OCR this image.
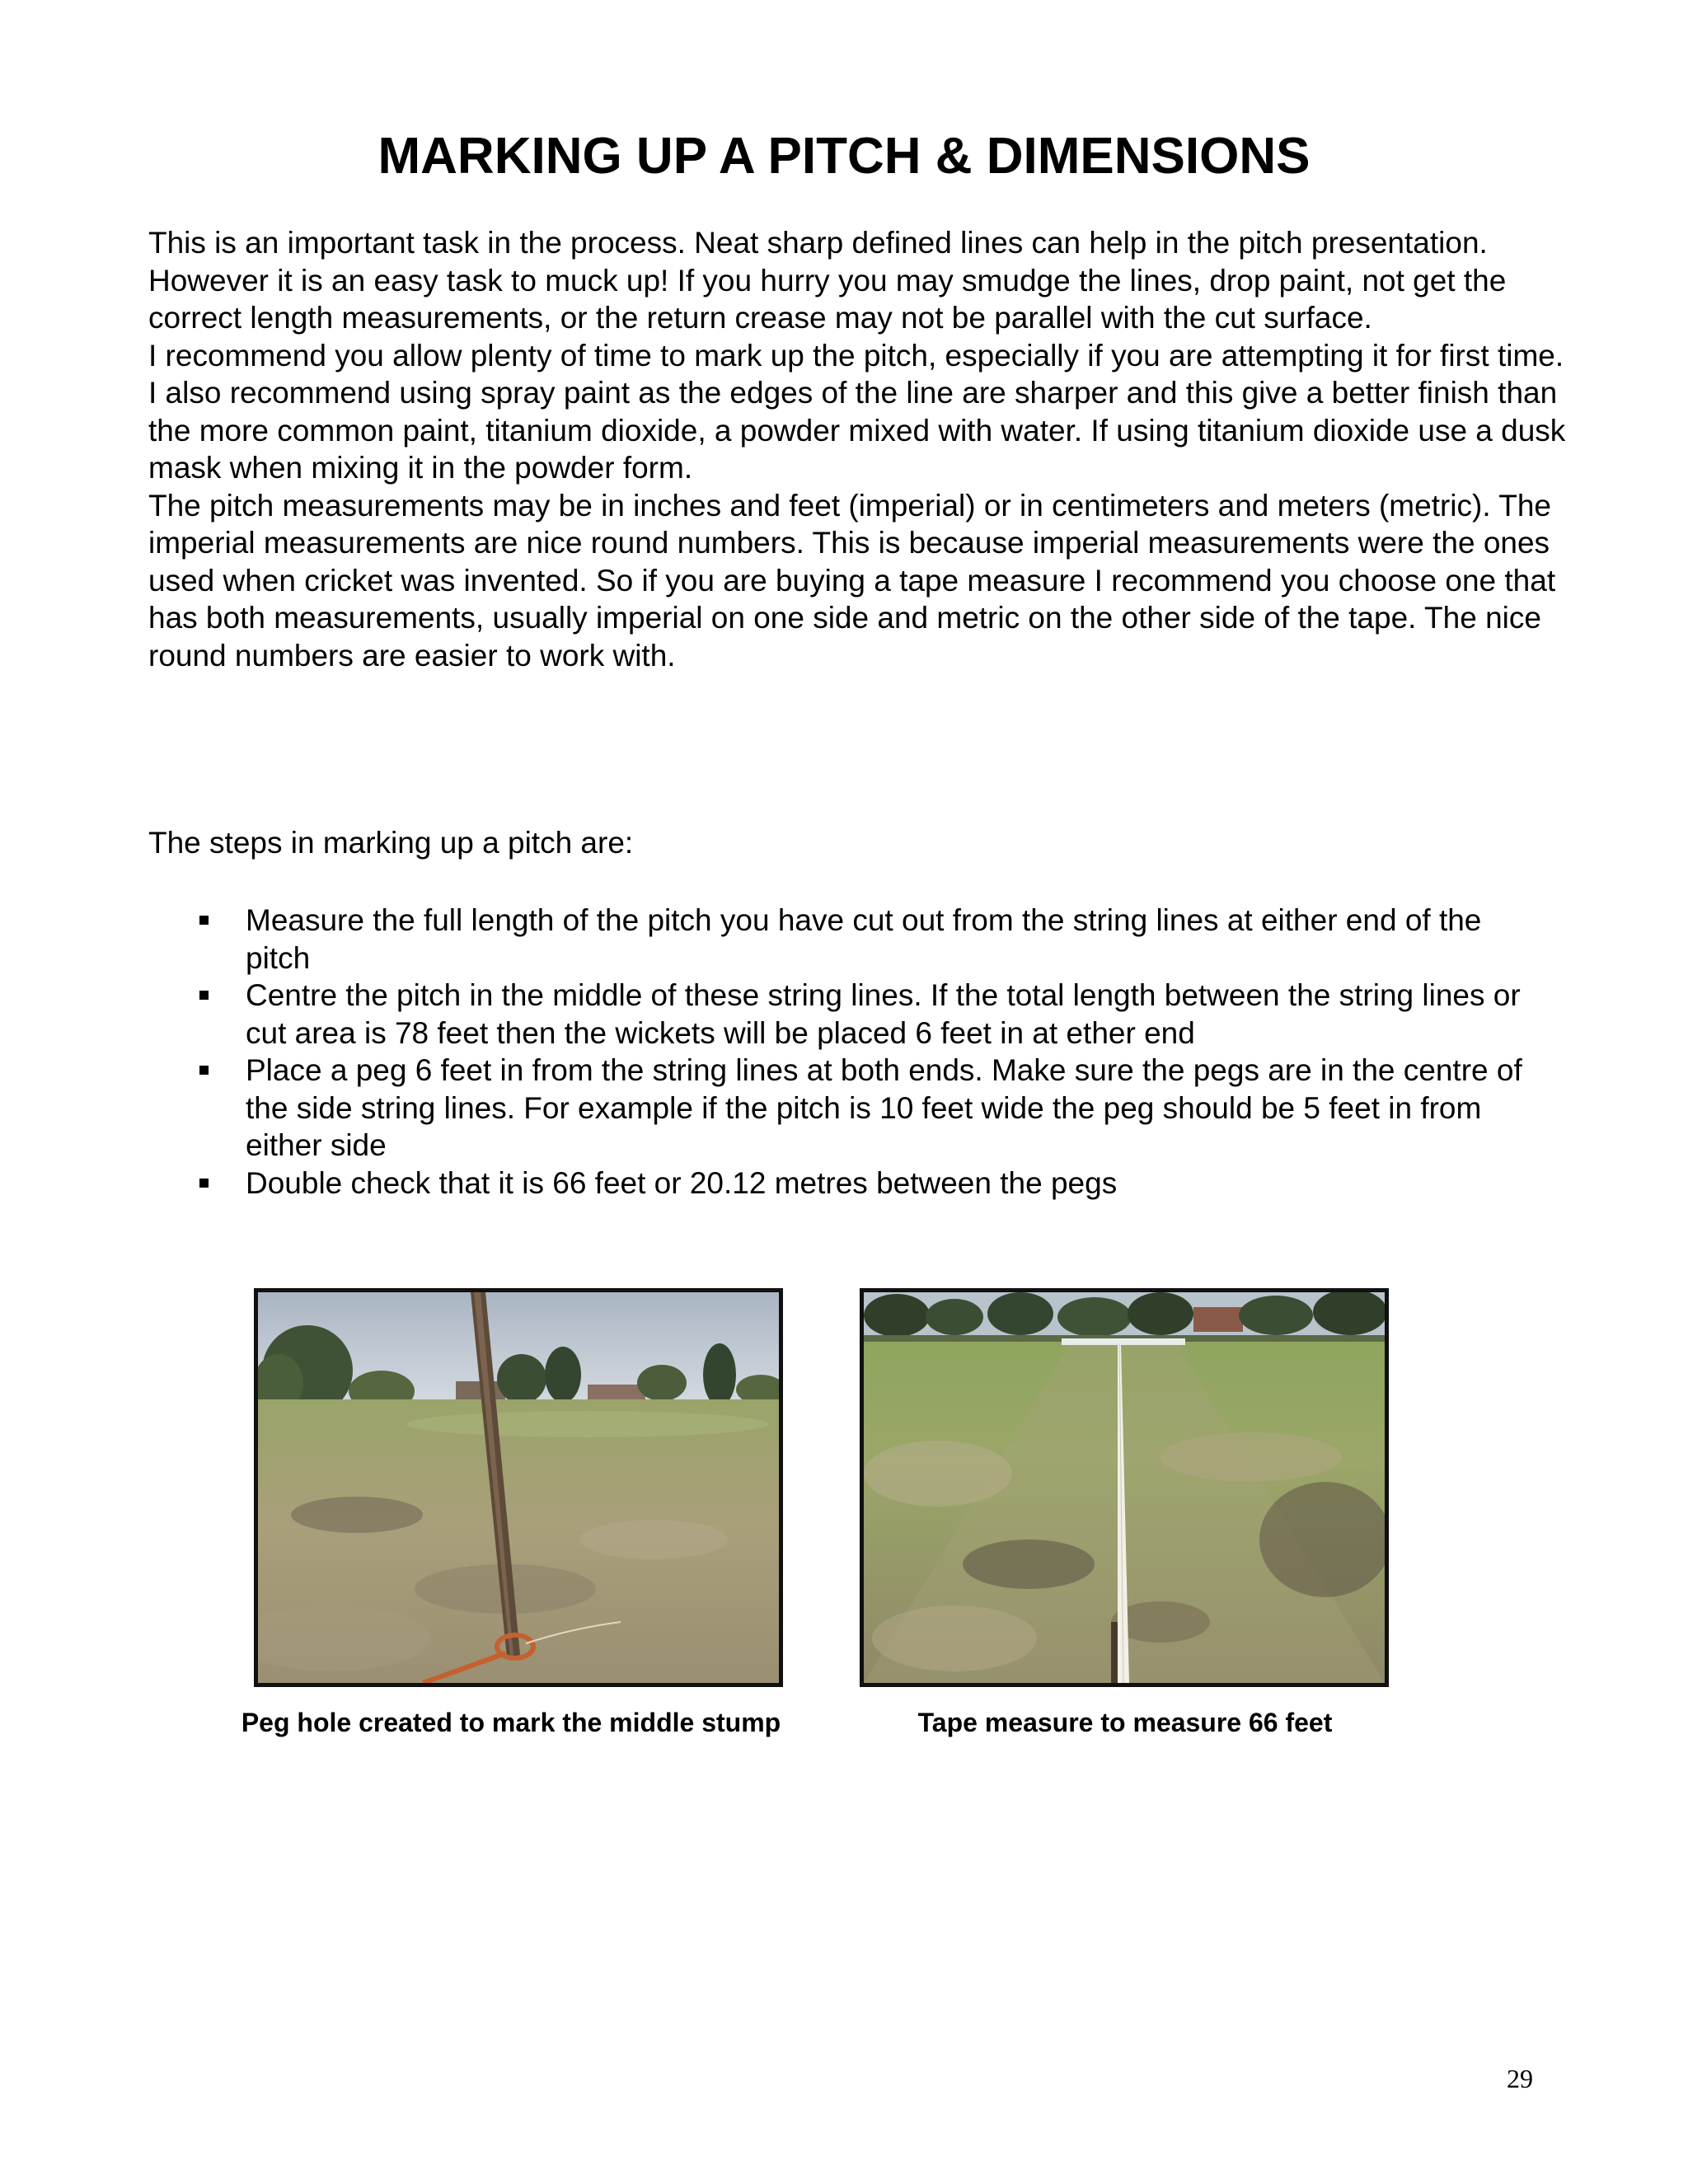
MARKING UP A PITCH & DIMENSIONS

This is an important task in the process. Neat sharp defined lines can help in the pitch presentation.

However it is an easy task to muck up! If you hurry you may smudge the lines, drop paint, not get the correct length measurements, or the return crease may not be parallel with the cut surface.

I recommend you allow plenty of time to mark up the pitch, especially if you are attempting it for first time.

I also recommend using spray paint as the edges of the line are sharper and this give a better finish than the more common paint, titanium dioxide, a powder mixed with water. If using titanium dioxide use a dusk mask when mixing it in the powder form.

The pitch measurements may be in inches and feet (imperial) or in centimeters and meters (metric). The imperial measurements are nice round numbers. This is because imperial measurements were the ones used when cricket was invented. So if you are buying a tape measure I recommend you choose one that has both measurements, usually imperial on one side and metric on the other side of the tape. The nice round numbers are easier to work with.

The steps in marking up a pitch are:

Measure the full length of the pitch you have cut out from the string lines at either end of the pitch
Centre the pitch in the middle of these string lines. If the total length between the string lines or cut area is 78 feet then the wickets will be placed 6 feet in at ether end
Place a peg 6 feet in from the string lines at both ends. Make sure the pegs are in the centre of the side string lines. For example if the pitch is 10 feet wide the peg should be 5 feet in from either side
Double check that it is 66 feet or 20.12 metres between the pegs
Peg hole created to mark the middle stump	Tape measure to measure 66 feet
29
